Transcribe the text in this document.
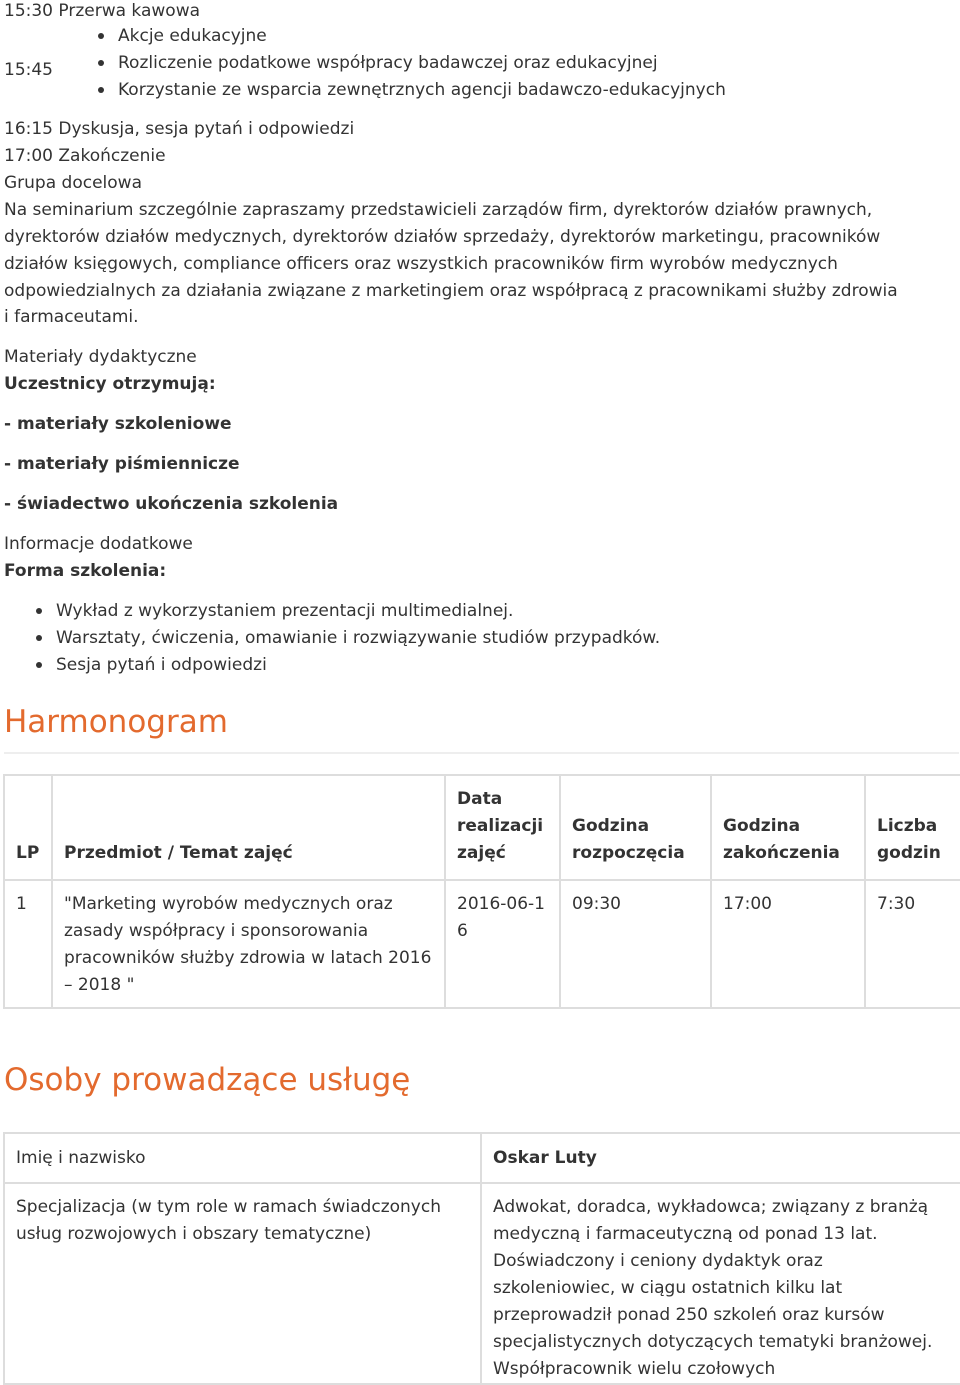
15:30 Przerwa kawowa
15:45
Akcje edukacyjne
Rozliczenie podatkowe współpracy badawczej oraz edukacyjnej
Korzystanie ze wsparcia zewnętrznych agencji badawczo-edukacyjnych
16:15 Dyskusja, sesja pytań i odpowiedzi
17:00 Zakończenie
Grupa docelowa
Na seminarium szczególnie zapraszamy przedstawicieli zarządów firm, dyrektorów działów prawnych,
dyrektorów działów medycznych, dyrektorów działów sprzedaży, dyrektorów marketingu, pracowników
działów księgowych, compliance officers oraz wszystkich pracowników firm wyrobów medycznych
odpowiedzialnych za działania związane z marketingiem oraz współpracą z pracownikami służby zdrowia
i farmaceutami.
Materiały dydaktyczne
Uczestnicy otrzymują:
- materiały szkoleniowe
- materiały piśmiennicze
- świadectwo ukończenia szkolenia
Informacje dodatkowe
Forma szkolenia:
Wykład z wykorzystaniem prezentacji multimedialnej.
Warsztaty, ćwiczenia, omawianie i rozwiązywanie studiów przypadków.
Sesja pytań i odpowiedzi
Harmonogram
LP	Przedmiot / Temat zajęć	Data realizacji zajęć	Godzina rozpoczęcia	Godzina zakończenia	Liczba godzin
1	"Marketing wyrobów medycznych oraz zasady współpracy i sponsorowania pracowników służby zdrowia w latach 2016 – 2018 "	2016-06-16	09:30	17:00	7:30
Osoby prowadzące usługę
Imię i nazwisko	Oskar Luty
Specjalizacja (w tym role w ramach świadczonych usług rozwojowych i obszary tematyczne)	Adwokat, doradca, wykładowca; związany z branżą medyczną i farmaceutyczną od ponad 13 lat. Doświadczony i ceniony dydaktyk oraz szkoleniowiec, w ciągu ostatnich kilku lat przeprowadził ponad 250 szkoleń oraz kursów specjalistycznych dotyczących tematyki branżowej. Współpracownik wielu czołowych
